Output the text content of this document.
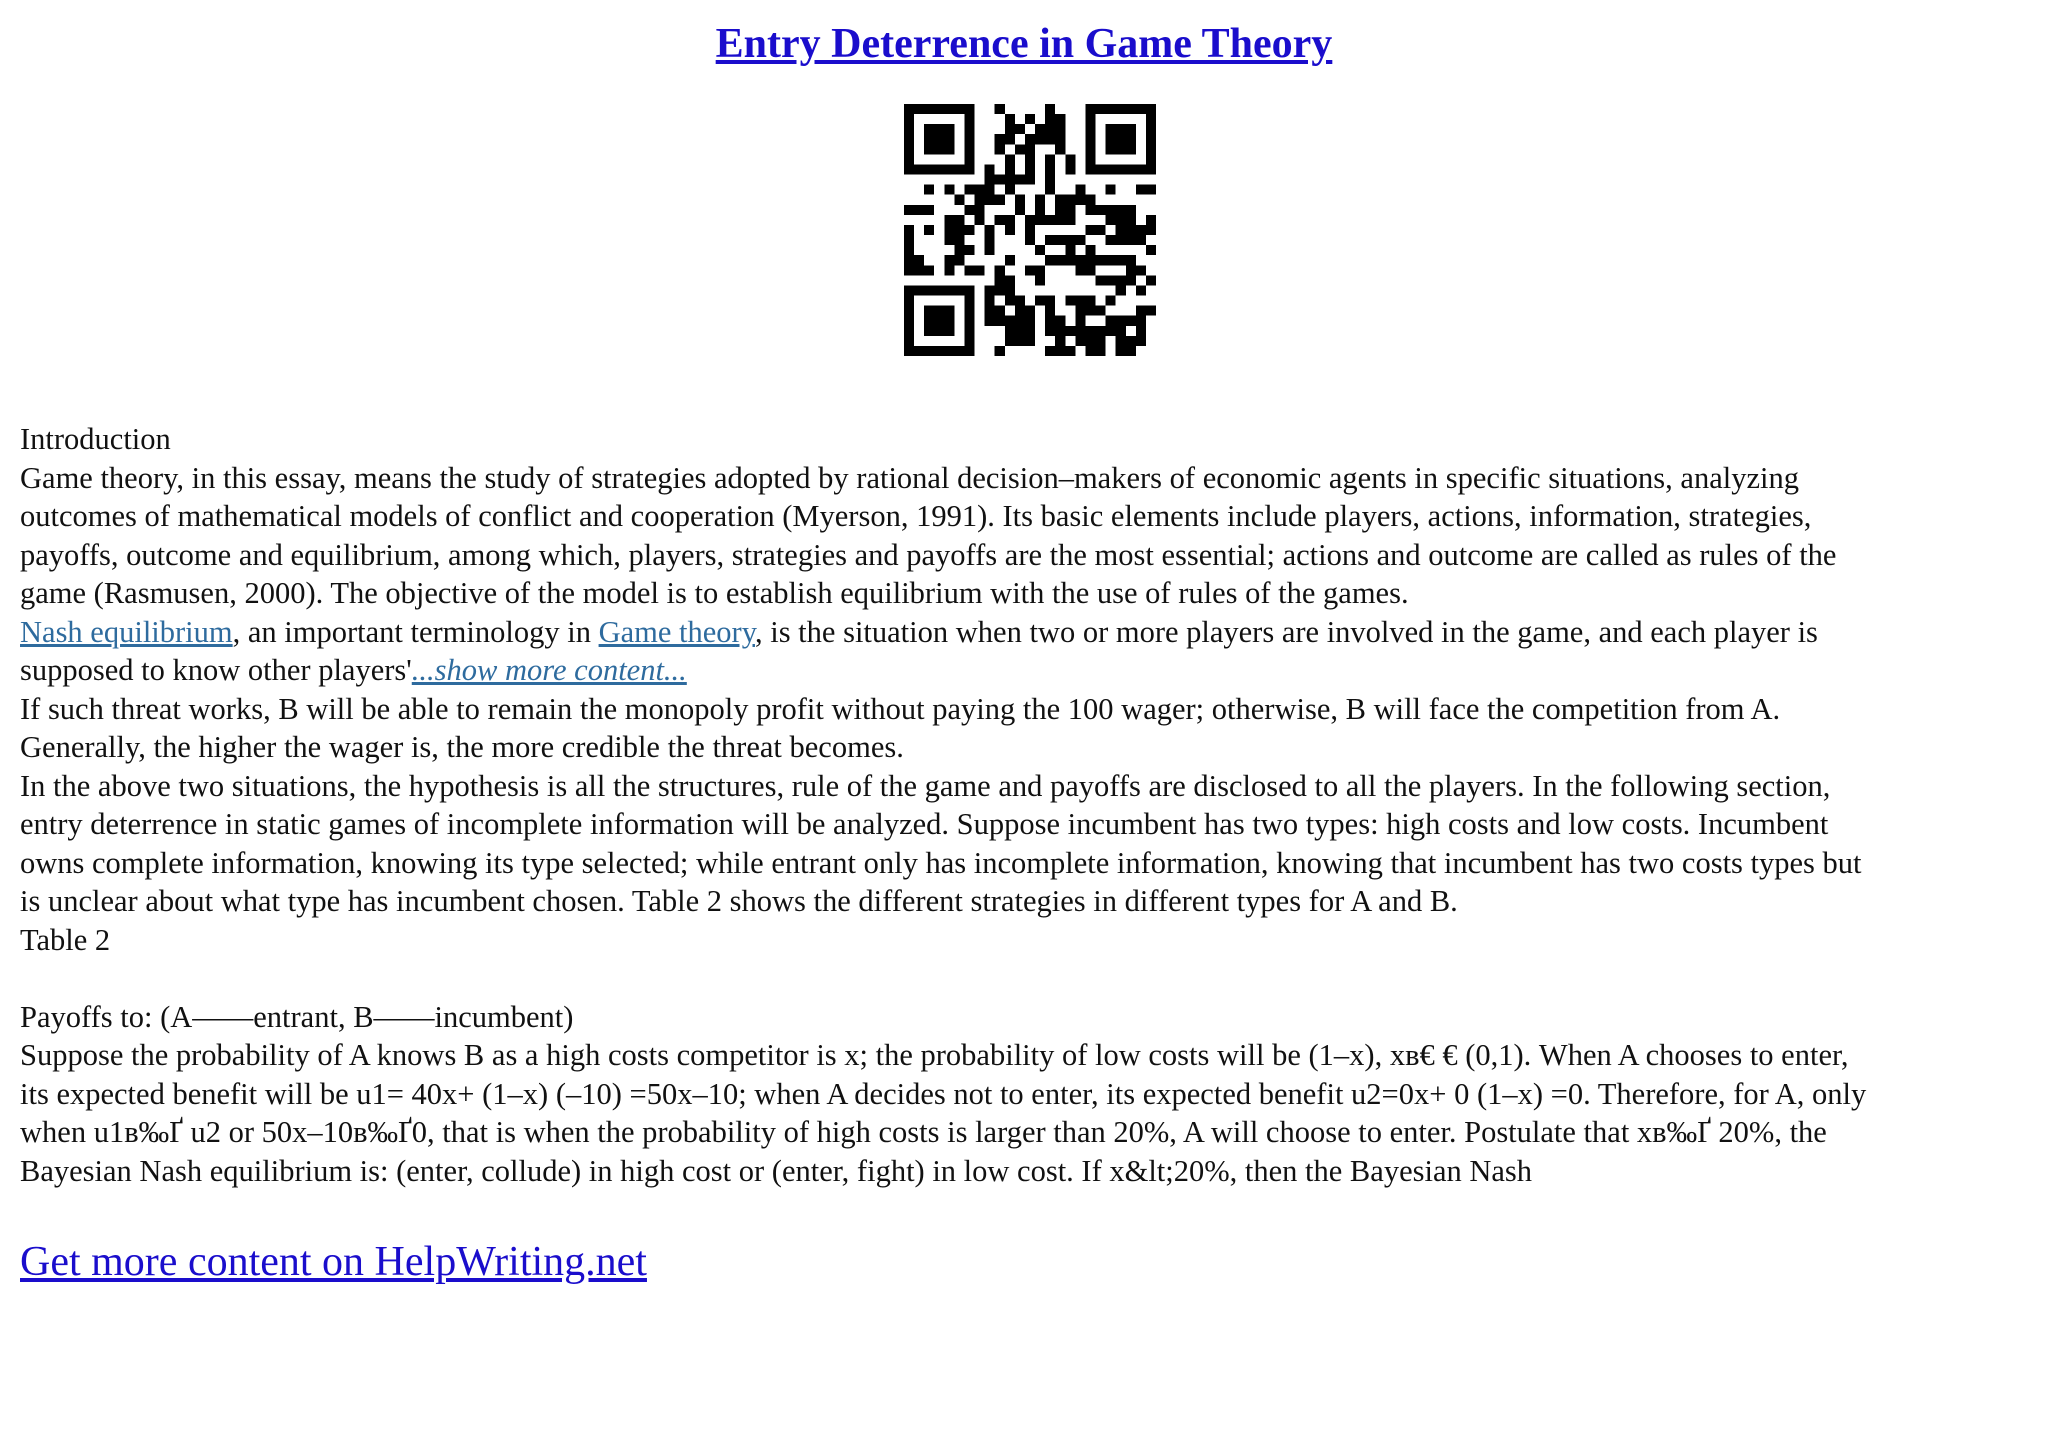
Entry Deterrence in Game Theory
Introduction
Game theory, in this essay, means the study of strategies adopted by rational decision–makers of economic agents in specific situations, analyzing
outcomes of mathematical models of conflict and cooperation (Myerson, 1991). Its basic elements include players, actions, information, strategies,
payoffs, outcome and equilibrium, among which, players, strategies and payoffs are the most essential; actions and outcome are called as rules of the
game (Rasmusen, 2000). The objective of the model is to establish equilibrium with the use of rules of the games.
Nash equilibrium, an important terminology in Game theory, is the situation when two or more players are involved in the game, and each player is
supposed to know other players'...show more content...
If such threat works, B will be able to remain the monopoly profit without paying the 100 wager; otherwise, B will face the competition from A.
Generally, the higher the wager is, the more credible the threat becomes.
In the above two situations, the hypothesis is all the structures, rule of the game and payoffs are disclosed to all the players. In the following section,
entry deterrence in static games of incomplete information will be analyzed. Suppose incumbent has two types: high costs and low costs. Incumbent
owns complete information, knowing its type selected; while entrant only has incomplete information, knowing that incumbent has two costs types but
is unclear about what type has incumbent chosen. Table 2 shows the different strategies in different types for A and B.
Table 2
Payoffs to: (A——entrant, B——incumbent)
Suppose the probability of A knows B as a high costs competitor is x; the probability of low costs will be (1–x), xв€ € (0,1). When A chooses to enter,
its expected benefit will be u1= 40x+ (1–x) (–10) =50x–10; when A decides not to enter, its expected benefit u2=0x+ 0 (1–x) =0. Therefore, for A, only
when u1в‰Ґ u2 or 50x–10в‰Ґ0, that is when the probability of high costs is larger than 20%, A will choose to enter. Postulate that xв‰Ґ 20%, the
Bayesian Nash equilibrium is: (enter, collude) in high cost or (enter, fight) in low cost. If x&lt;20%, then the Bayesian Nash
Get more content on HelpWriting.net
